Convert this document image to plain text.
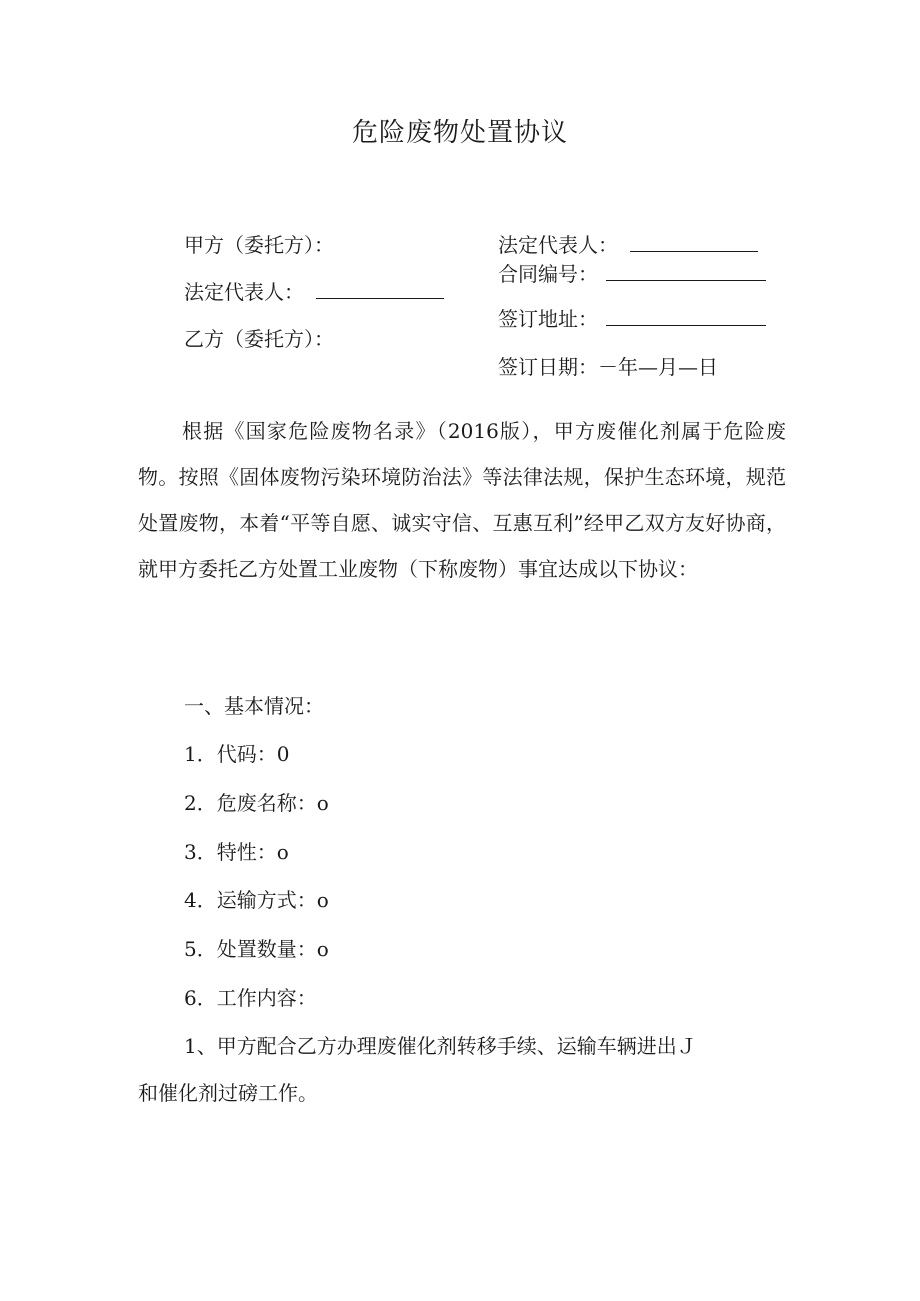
危险废物处置协议
甲方（委托方）：
法定代表人：
乙方（委托方）：
法定代表人：
合同编号：
签订地址：
签订日期：－年—月—日

根据《国家危险废物名录》（2016版），甲方废催化剂属于危险废物。按照《固体废物污染环境防治法》等法律法规，保护生态环境，规范处置废物，本着“平等自愿、诚实守信、互惠互利”经甲乙双方友好协商，就甲方委托乙方处置工业废物（下称废物）事宜达成以下协议：

一、基本情况：
1．代码：0
2．危废名称：o
3．特性：o
4．运输方式：o
5．处置数量：o
6．工作内容：
1、甲方配合乙方办理废催化剂转移手续、运输车辆进出Ｊ
和催化剂过磅工作。
